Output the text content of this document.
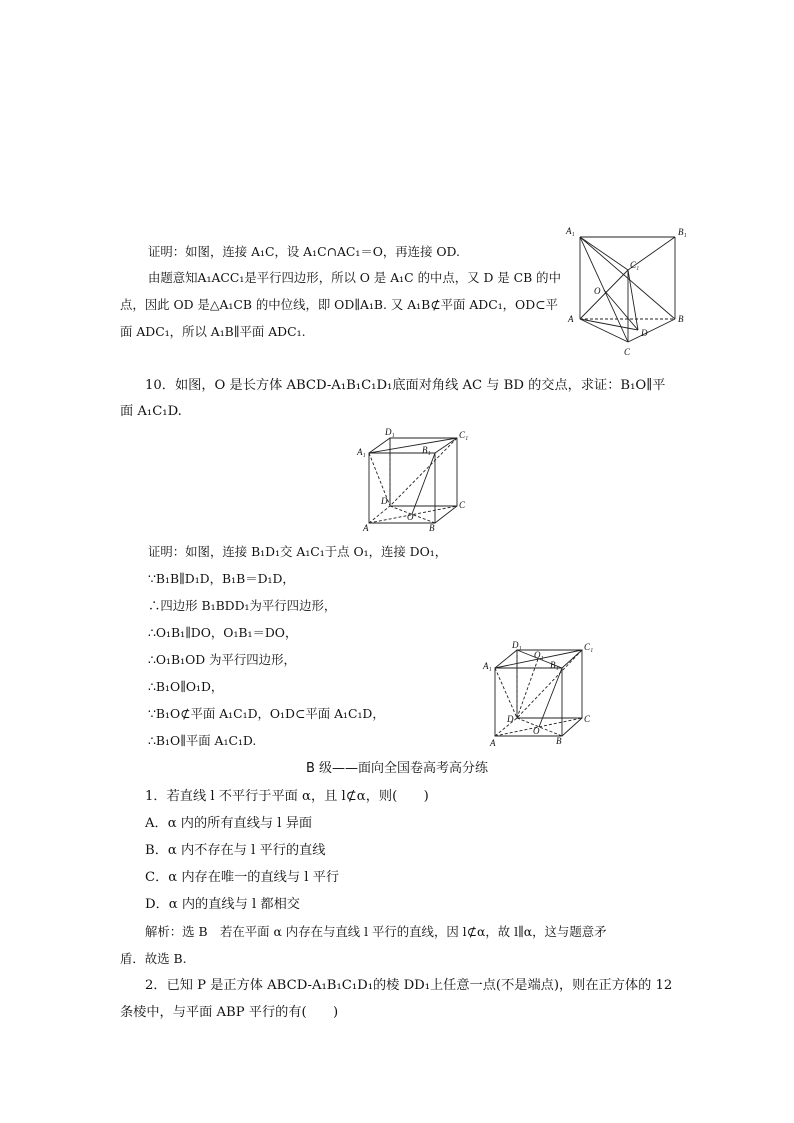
证明：如图，连接 A₁C，设 A₁C∩AC₁＝O，再连接 OD.
由题意知A₁ACC₁是平行四边形，所以 O 是 A₁C 的中点，又 D 是 CB 的中
点，因此 OD 是△A₁CB 的中位线，即 OD∥A₁B. 又 A₁B⊄平面 ADC₁，OD⊂平
面 ADC₁，所以 A₁B∥平面 ADC₁.
A₁	B₁
C₁
O
A	B
C
D
10．如图，O 是长方体 ABCD-A₁B₁C₁D₁底面对角线 AC 与 BD 的交点，求证：B₁O∥平
面 A₁C₁D.
D₁	C₁
A₁	B₁
D	C
O
A	B
证明：如图，连接 B₁D₁交 A₁C₁于点 O₁，连接 DO₁，
∵B₁B∥D₁D，B₁B＝D₁D，
∴四边形 B₁BDD₁为平行四边形，
∴O₁B₁∥DO，O₁B₁＝DO，
∴O₁B₁OD 为平行四边形，
∴B₁O∥O₁D，
∵B₁O⊄平面 A₁C₁D，O₁D⊂平面 A₁C₁D，
∴B₁O∥平面 A₁C₁D.
D₁
O₁
C₁
A₁	B₁
D	C
O
A	B
B 级——面向全国卷高考高分练
1．若直线 l 不平行于平面 α，且 l⊄α，则(　　)
A．α 内的所有直线与 l 异面
B．α 内不存在与 l 平行的直线
C．α 内存在唯一的直线与 l 平行
D．α 内的直线与 l 都相交
解析：选 B　若在平面 α 内存在与直线 l 平行的直线，因 l⊄α，故 l∥α，这与题意矛
盾．故选 B.
2．已知 P 是正方体 ABCD-A₁B₁C₁D₁的棱 DD₁上任意一点(不是端点)，则在正方体的 12
条棱中，与平面 ABP 平行的有(　　)
